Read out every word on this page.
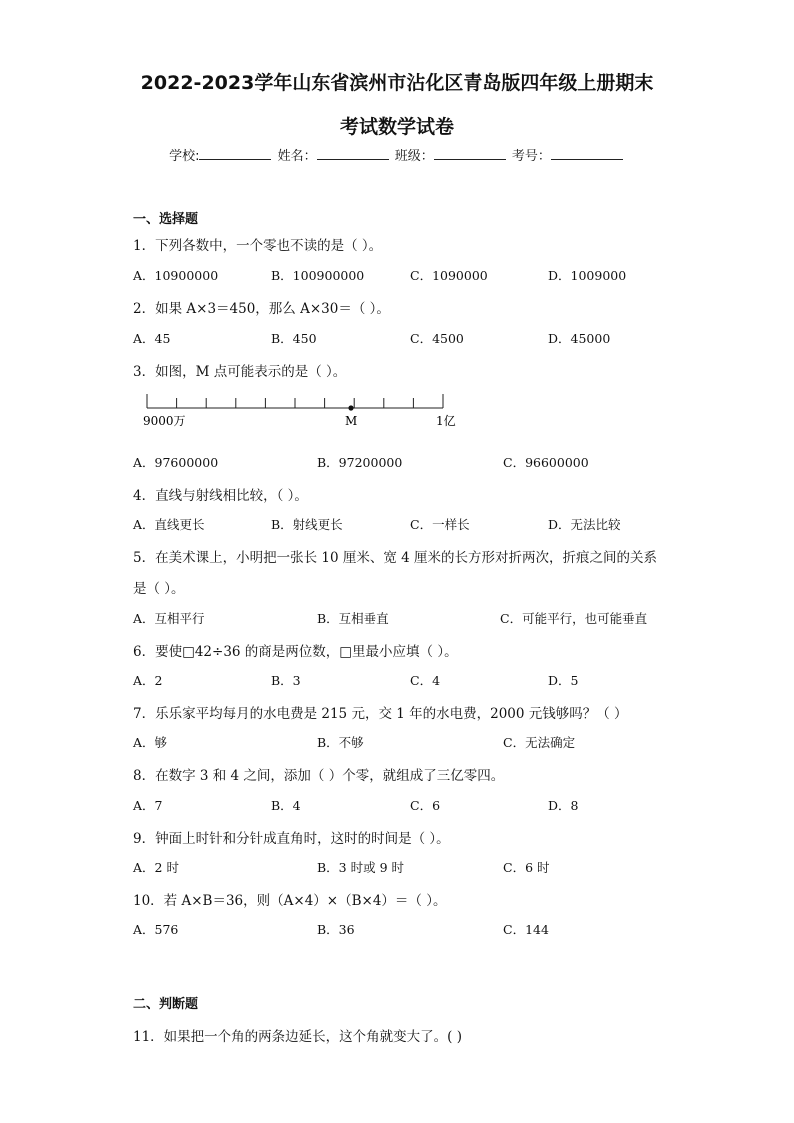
2022-2023学年山东省滨州市沾化区青岛版四年级上册期末
考试数学试卷
学校:	姓名：	班级：	考号：
一、选择题
1．下列各数中，一个零也不读的是（ ）。
A．10900000	B．100900000	C．1090000	D．1009000
2．如果 A×3＝450，那么 A×30＝（ ）。
A．45	B．450	C．4500	D．45000
3．如图，M 点可能表示的是（ ）。
9000万	M	1亿
A．97600000	B．97200000	C．96600000
4．直线与射线相比较，（ ）。
A．直线更长	B．射线更长	C．一样长	D．无法比较
5．在美术课上，小明把一张长 10 厘米、宽 4 厘米的长方形对折两次，折痕之间的关系
是（ ）。
A．互相平行	B．互相垂直	C．可能平行，也可能垂直
6．要使□42÷36 的商是两位数，□里最小应填（ ）。
A．2	B．3	C．4	D．5
7．乐乐家平均每月的水电费是 215 元，交 1 年的水电费，2000 元钱够吗？（ ）
A．够	B．不够	C．无法确定
8．在数字 3 和 4 之间，添加（ ）个零，就组成了三亿零四。
A．7	B．4	C．6	D．8
9．钟面上时针和分针成直角时，这时的时间是（ ）。
A．2 时	B．3 时或 9 时	C．6 时
10．若 A×B＝36，则（A×4）×（B×4）＝（ ）。
A．576	B．36	C．144
二、判断题
11．如果把一个角的两条边延长，这个角就变大了。( )
